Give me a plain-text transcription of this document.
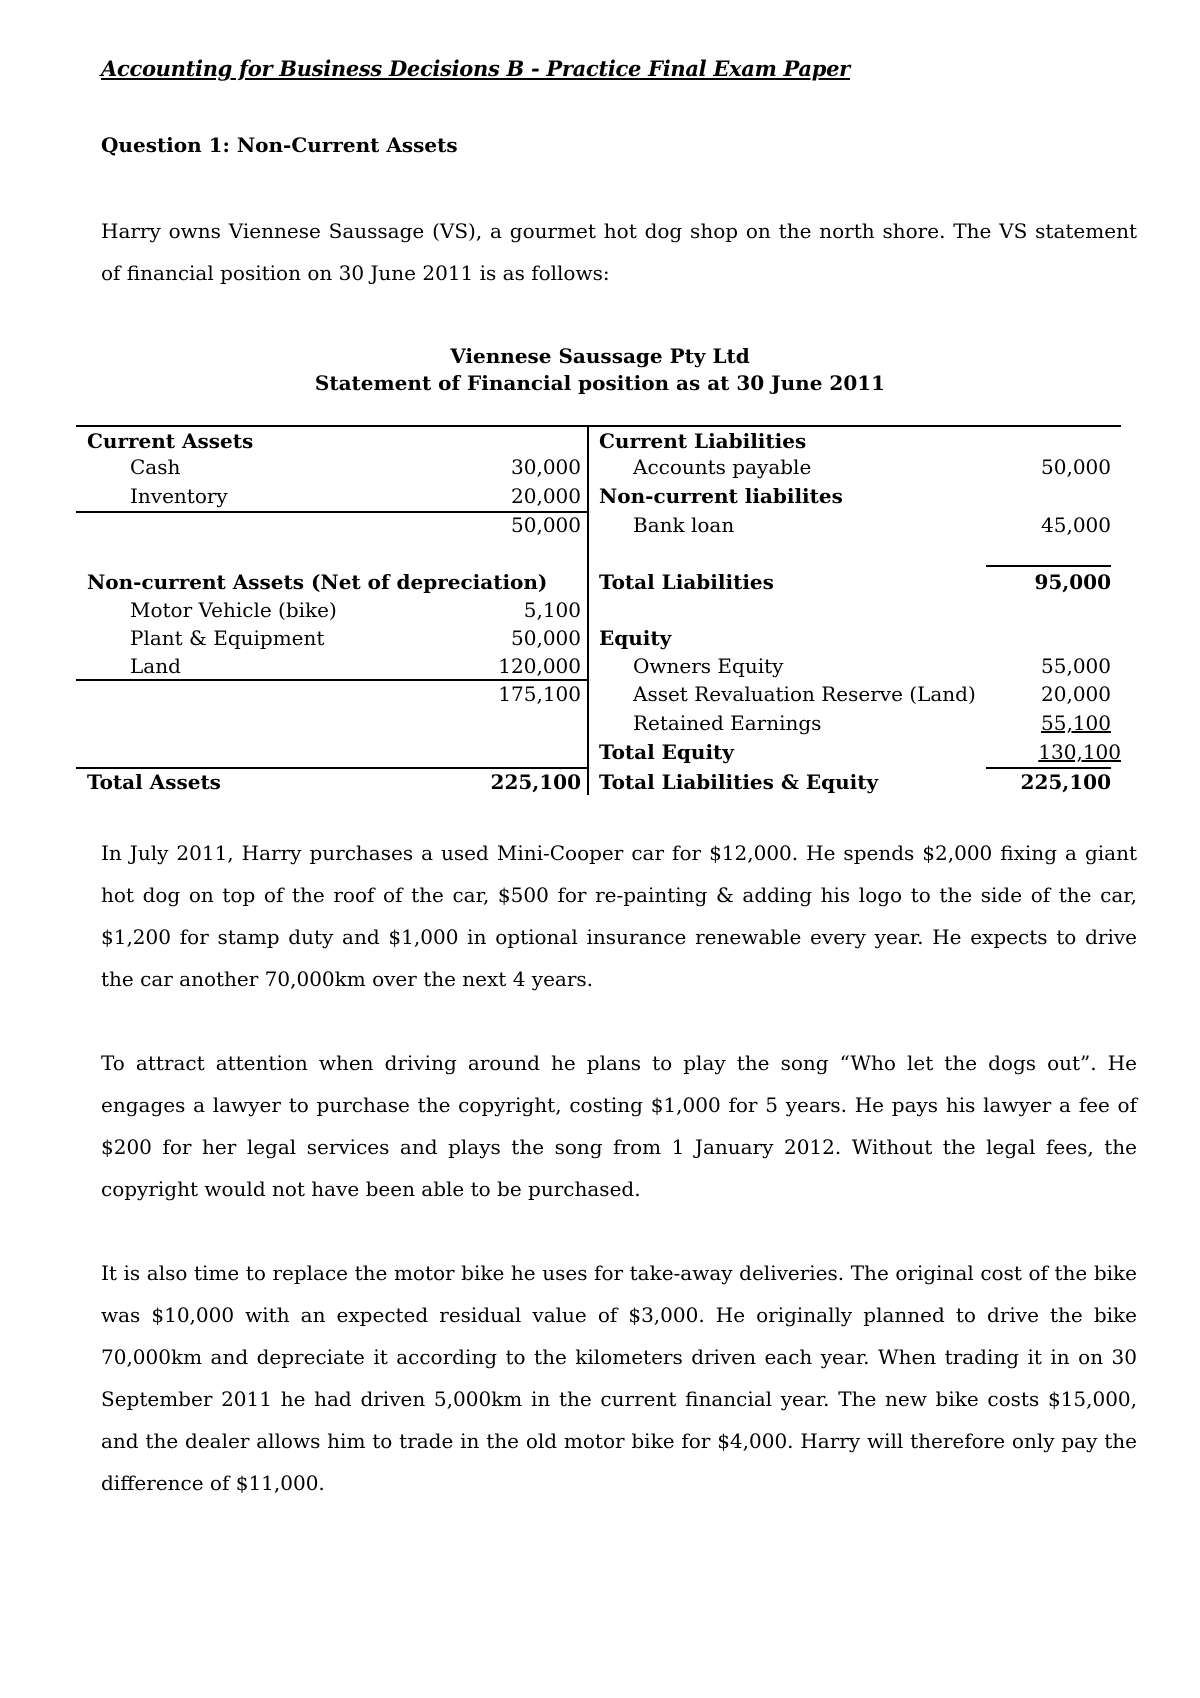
Accounting for Business Decisions B - Practice Final Exam Paper
Question 1: Non-Current Assets

Harry owns Viennese Saussage (VS), a gourmet hot dog shop on the north shore. The VS statement of financial position on 30 June 2011 is as follows:

Viennese Saussage Pty Ltd
Statement of Financial position as at 30 June 2011
Current Assets
Cash	30,000
Inventory	20,000
50,000
Non-current Assets (Net of depreciation)
Motor Vehicle (bike)	5,100
Plant & Equipment	50,000
Land	120,000
175,100
Total Assets	225,100
Current Liabilities
Accounts payable	50,000
Non-current liabilites
Bank loan	45,000
Total Liabilities	95,000
Equity
Owners Equity	55,000
Asset Revaluation Reserve (Land)	20,000
Retained Earnings	55,100
Total Equity	130,100
Total Liabilities & Equity	225,100

In July 2011, Harry purchases a used Mini-Cooper car for $12,000. He spends $2,000 fixing a giant hot dog on top of the roof of the car, $500 for re-painting & adding his logo to the side of the car, $1,200 for stamp duty and $1,000 in optional insurance renewable every year. He expects to drive the car another 70,000km over the next 4 years.

To attract attention when driving around he plans to play the song “Who let the dogs out”. He engages a lawyer to purchase the copyright, costing $1,000 for 5 years. He pays his lawyer a fee of $200 for her legal services and plays the song from 1 January 2012. Without the legal fees, the copyright would not have been able to be purchased.

It is also time to replace the motor bike he uses for take-away deliveries. The original cost of the bike was $10,000 with an expected residual value of $3,000. He originally planned to drive the bike 70,000km and depreciate it according to the kilometers driven each year. When trading it in on 30 September 2011 he had driven 5,000km in the current financial year. The new bike costs $15,000, and the dealer allows him to trade in the old motor bike for $4,000. Harry will therefore only pay the difference of $11,000.
